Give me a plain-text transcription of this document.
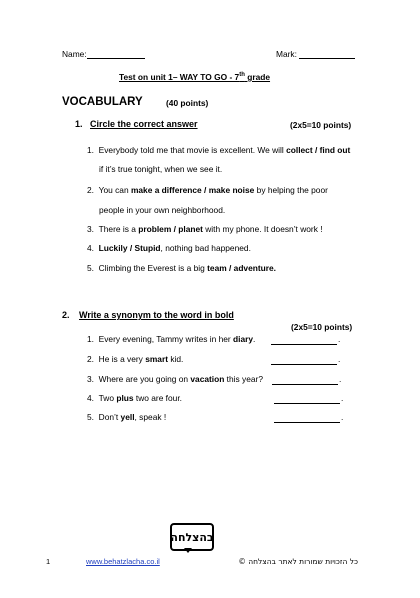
Name:	Mark:
Test on unit 1– WAY TO GO - 7th grade
VOCABULARY	(40 points)
1. Circle the correct answer	(2x5=10 points)
1. Everybody told me that movie is excellent. We will collect / find out
if it’s true tonight, when we see it.
2. You can make a difference / make noise by helping the poor
people in your own neighborhood.
3. There is a problem / planet with my phone. It doesn’t work !
4. Luckily / Stupid, nothing bad happened.
5. Climbing the Everest is a big team / adventure.
2. Write a synonym to the word in bold
(2x5=10 points)
1. Every evening, Tammy writes in her diary.	.
2. He is a very smart kid.	.
3. Where are you going on vacation this year?	.
4. Two plus two are four.	.
5. Don’t yell, speak !	.
בהצלחה
1	www.behatzlacha.co.il	כל הזכויות שמורות לאתר בהצלחה ©
